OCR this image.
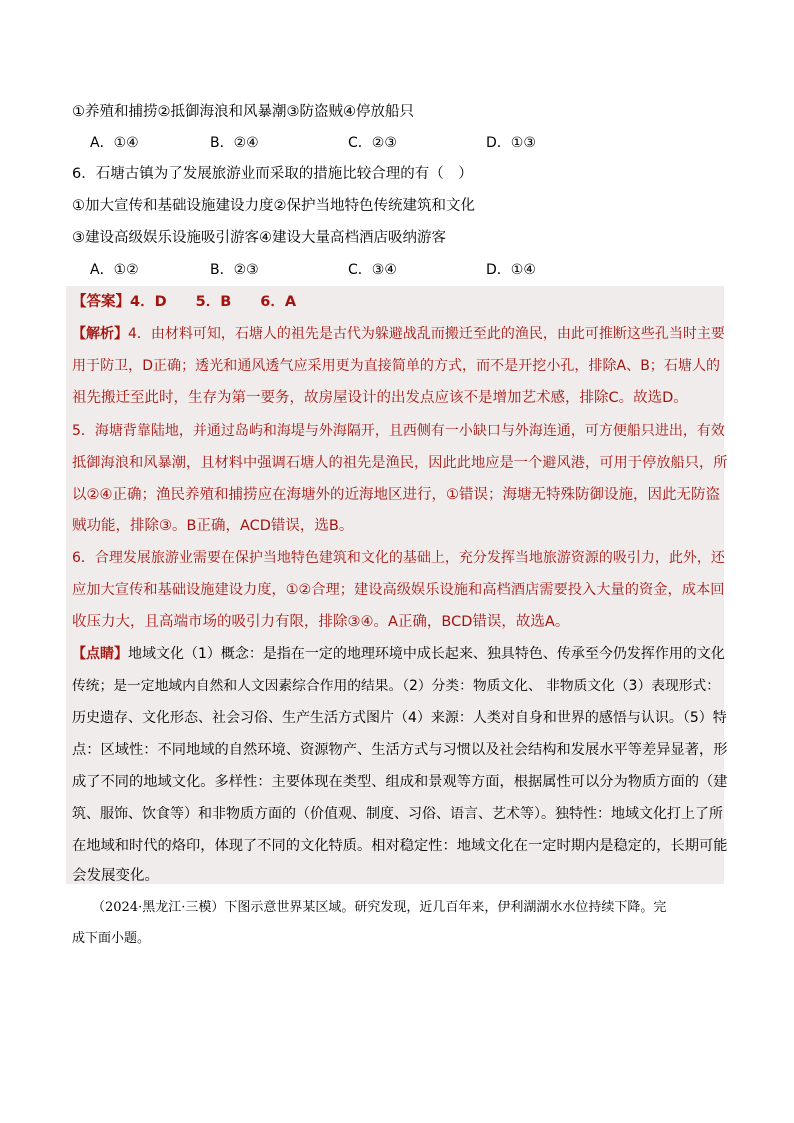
①养殖和捕捞②抵御海浪和风暴潮③防盗贼④停放船只
A．①④	B．②④	C．②③	D．①③
6．石塘古镇为了发展旅游业而采取的措施比较合理的有（　）
①加大宣传和基础设施建设力度②保护当地特色传统建筑和文化
③建设高级娱乐设施吸引游客④建设大量高档酒店吸纳游客
A．①②	B．②③	C．③④	D．①④
【答案】4．D　　5．B　　6．A
【解析】4．由材料可知，石塘人的祖先是古代为躲避战乱而搬迁至此的渔民，由此可推断这些孔当时主要
用于防卫，D正确；透光和通风透气应采用更为直接简单的方式，而不是开挖小孔，排除A、B；石塘人的
祖先搬迁至此时，生存为第一要务，故房屋设计的出发点应该不是增加艺术感，排除C。故选D。
5．海塘背靠陆地，并通过岛屿和海堤与外海隔开，且西侧有一小缺口与外海连通，可方便船只进出，有效
抵御海浪和风暴潮，且材料中强调石塘人的祖先是渔民，因此此地应是一个避风港，可用于停放船只，所
以②④正确；渔民养殖和捕捞应在海塘外的近海地区进行，①错误；海塘无特殊防御设施，因此无防盗
贼功能，排除③。B正确，ACD错误，选B。
6．合理发展旅游业需要在保护当地特色建筑和文化的基础上，充分发挥当地旅游资源的吸引力，此外，还
应加大宣传和基础设施建设力度，①②合理；建设高级娱乐设施和高档酒店需要投入大量的资金，成本回
收压力大，且高端市场的吸引力有限，排除③④。A正确，BCD错误，故选A。
【点睛】地域文化（1）概念：是指在一定的地理环境中成长起来、独具特色、传承至今仍发挥作用的文化
传统；是一定地域内自然和人文因素综合作用的结果。（2）分类：物质文化、 非物质文化（3）表现形式：
历史遗存、文化形态、社会习俗、生产生活方式图片（4）来源：人类对自身和世界的感悟与认识。（5）特
点：区域性：不同地域的自然环境、资源物产、生活方式与习惯以及社会结构和发展水平等差异显著，形
成了不同的地域文化。多样性：主要体现在类型、组成和景观等方面，根据属性可以分为物质方面的（建
筑、服饰、饮食等）和非物质方面的（价值观、制度、习俗、语言、艺术等）。独特性：地域文化打上了所
在地域和时代的烙印，体现了不同的文化特质。相对稳定性：地域文化在一定时期内是稳定的，长期可能
会发展变化。
（2024·黑龙江·三模）下图示意世界某区域。研究发现，近几百年来，伊利湖湖水水位持续下降。完
成下面小题。
